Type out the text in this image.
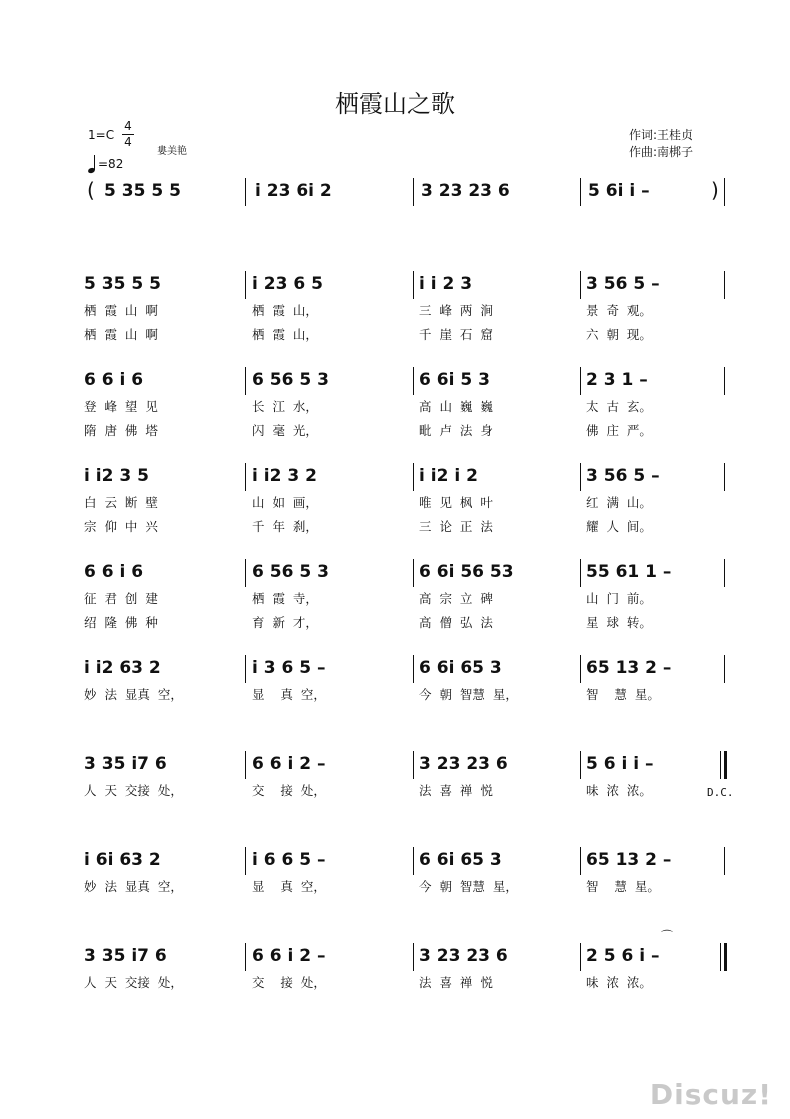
栖霞山之歌
1=C
4
4
=82
婁美艳
作词:王桂贞
作曲:南梆子
( 5 35 5 5	i 23 6i 2	3 23 23 6	5 6i i –	)
5 35 5 5	i 23 6 5	i i 2 3	3 56 5 –
栖  霞  山  啊	栖  霞  山，	三  峰  两  涧	景  奇  观。
栖  霞  山  啊	栖  霞  山，	千  崖  石  窟	六  朝  现。
6 6 i 6	6 56 5 3	6 6i 5 3	2 3 1 –
登  峰  望  见	长  江  水，	高  山  巍  巍	太  古  玄。
隋  唐  佛  塔	闪  毫  光，	毗  卢  法  身	佛  庄  严。
i i2 3 5	i i2 3 2	i i2 i 2	3 56 5 –
白  云  断  壁	山  如  画，	唯  见  枫  叶	红  满  山。
宗  仰  中  兴	千  年  刹，	三  论  正  法	耀  人  间。
6 6 i 6	6 56 5 3	6 6i 56 53	55 61 1 –
征  君  创  建	栖  霞  寺，	高  宗  立  碑	山  门  前。
绍  隆  佛  种	育  新  才，	高  僧  弘  法	星  球  转。
i i2 63 2	i 3 6 5 –	6 6i 65 3	65 13 2 –
妙  法  显真  空，	显    真  空，	今  朝  智慧  星，	智    慧  星。
3 35 i7 6	6 6 i 2 –	3 23 23 6	5 6 i i –
人  天  交接  处，	交    接  处，	法  喜  禅  悦	味  浓  浓。	D.C.
i 6i 63 2	i 6 6 5 –	6 6i 65 3	65 13 2 –
妙  法  显真  空，	显    真  空，	今  朝  智慧  星，	智    慧  星。
3 35 i7 6	6 6 i 2 –	3 23 23 6	2 5 6 i –
人  天  交接  处，	交    接  处，	法  喜  禅  悦	味  浓  浓。
⌒
Discuz!
